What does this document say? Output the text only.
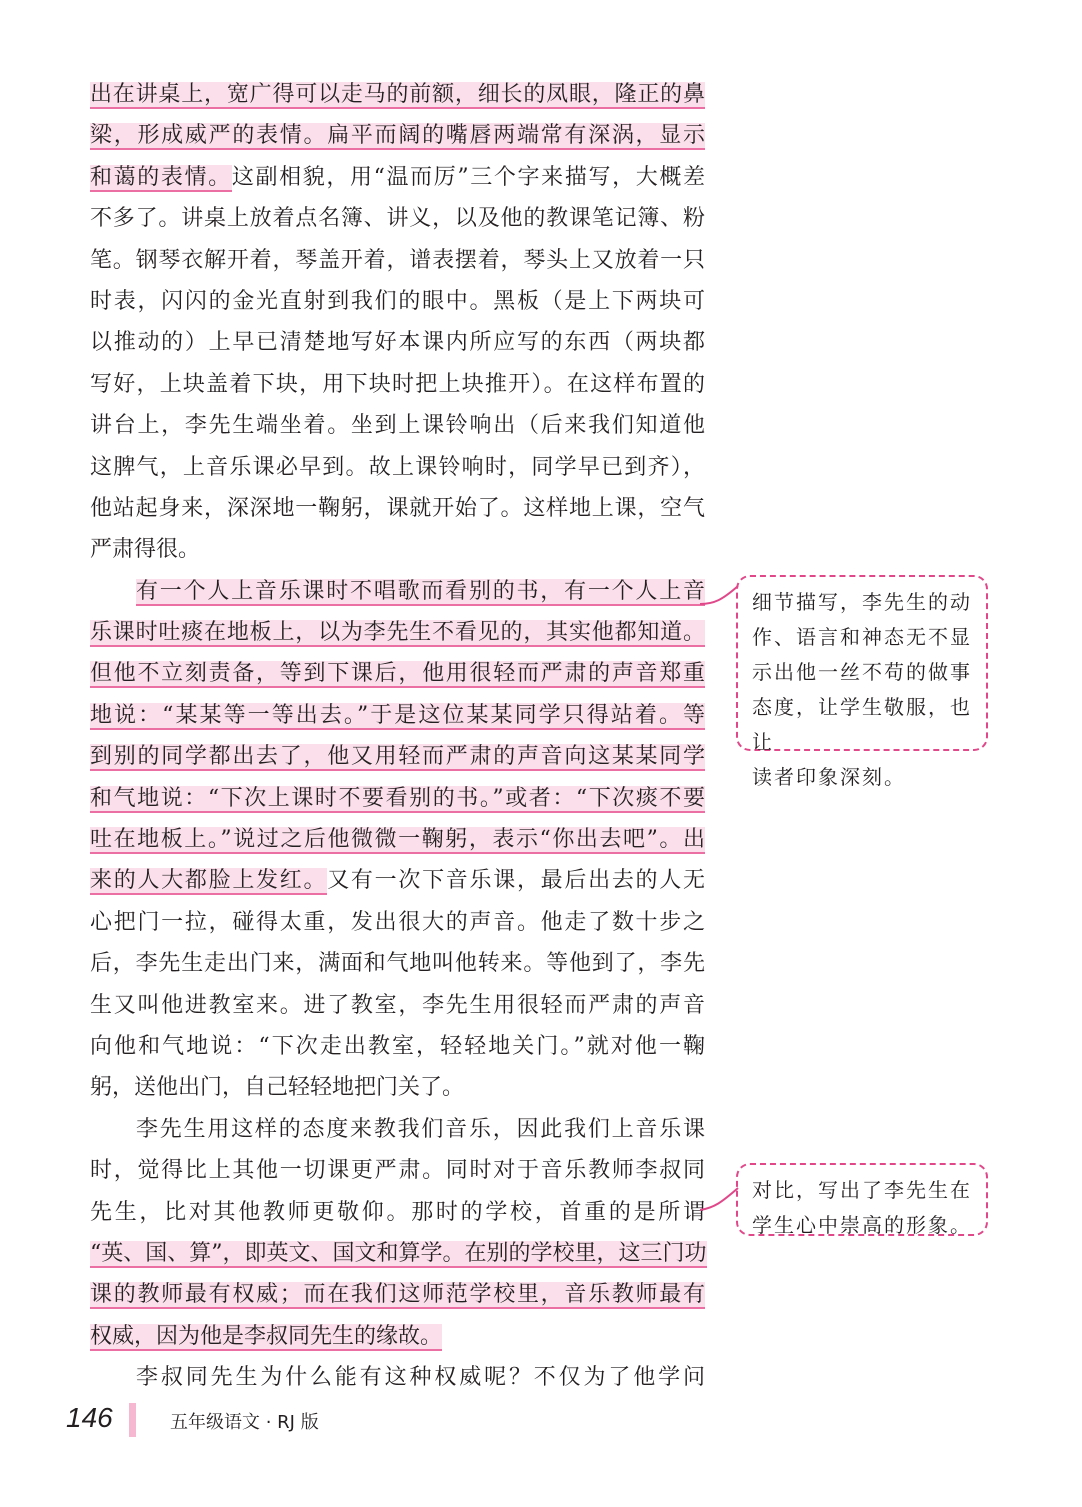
出在讲桌上，宽广得可以走马的前额，细长的凤眼，隆正的鼻
梁，形成威严的表情。扁平而阔的嘴唇两端常有深涡，显示
和蔼的表情。这副相貌，用“温而厉”三个字来描写，大概差
不多了。讲桌上放着点名簿、讲义，以及他的教课笔记簿、粉
笔。钢琴衣解开着，琴盖开着，谱表摆着，琴头上又放着一只
时表，闪闪的金光直射到我们的眼中。黑板（是上下两块可
以推动的）上早已清楚地写好本课内所应写的东西（两块都
写好，上块盖着下块，用下块时把上块推开）。在这样布置的
讲台上，李先生端坐着。坐到上课铃响出（后来我们知道他
这脾气，上音乐课必早到。故上课铃响时，同学早已到齐），
他站起身来，深深地一鞠躬，课就开始了。这样地上课，空气
严肃得很。
有一个人上音乐课时不唱歌而看别的书，有一个人上音
乐课时吐痰在地板上，以为李先生不看见的，其实他都知道。
但他不立刻责备，等到下课后，他用很轻而严肃的声音郑重
地说：“某某等一等出去。”于是这位某某同学只得站着。等
到别的同学都出去了，他又用轻而严肃的声音向这某某同学
和气地说：“下次上课时不要看别的书。”或者：“下次痰不要
吐在地板上。”说过之后他微微一鞠躬，表示“你出去吧”。出
来的人大都脸上发红。又有一次下音乐课，最后出去的人无
心把门一拉，碰得太重，发出很大的声音。他走了数十步之
后，李先生走出门来，满面和气地叫他转来。等他到了，李先
生又叫他进教室来。进了教室，李先生用很轻而严肃的声音
向他和气地说：“下次走出教室，轻轻地关门。”就对他一鞠
躬，送他出门，自己轻轻地把门关了。
李先生用这样的态度来教我们音乐，因此我们上音乐课
时，觉得比上其他一切课更严肃。同时对于音乐教师李叔同
先生，比对其他教师更敬仰。那时的学校，首重的是所谓
“英、国、算”，即英文、国文和算学。在别的学校里，这三门功
课的教师最有权威；而在我们这师范学校里，音乐教师最有
权威，因为他是李叔同先生的缘故。
李叔同先生为什么能有这种权威呢？不仅为了他学问
细节描写，李先生的动
作、语言和神态无不显
示出他一丝不苟的做事
态度，让学生敬服，也让
读者印象深刻。
对比，写出了李先生在
学生心中崇高的形象。
146	五年级语文 · RJ 版
